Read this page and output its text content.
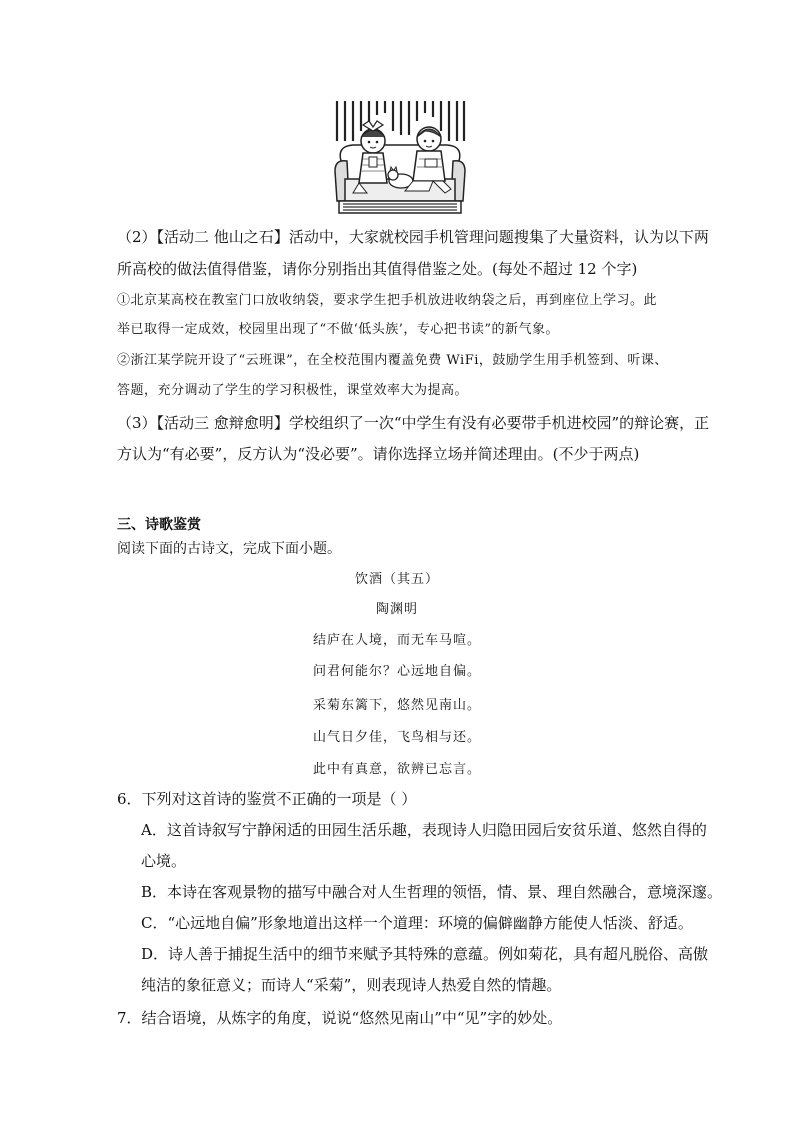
（2）【活动二 他山之石】活动中，大家就校园手机管理问题搜集了大量资料，认为以下两
所高校的做法值得借鉴，请你分别指出其值得借鉴之处。(每处不超过 12 个字)
①北京某高校在教室门口放收纳袋，要求学生把手机放进收纳袋之后，再到座位上学习。此
举已取得一定成效，校园里出现了“不做‘低头族’，专心把书读”的新气象。
②浙江某学院开设了“云班课”，在全校范围内覆盖免费 WiFi，鼓励学生用手机签到、听课、
答题，充分调动了学生的学习积极性，课堂效率大为提高。
（3）【活动三 愈辩愈明】学校组织了一次“中学生有没有必要带手机进校园”的辩论赛，正
方认为“有必要”，反方认为“没必要”。请你选择立场并简述理由。(不少于两点)
三、诗歌鉴赏
阅读下面的古诗文，完成下面小题。
饮酒（其五）
陶渊明
结庐在人境，而无车马喧。
问君何能尔？心远地自偏。
采菊东篱下，悠然见南山。
山气日夕佳，飞鸟相与还。
此中有真意，欲辨已忘言。
6．下列对这首诗的鉴赏不正确的一项是（ ）
A．这首诗叙写宁静闲适的田园生活乐趣，表现诗人归隐田园后安贫乐道、悠然自得的
心境。
B．本诗在客观景物的描写中融合对人生哲理的领悟，情、景、理自然融合，意境深邃。
C．“心远地自偏”形象地道出这样一个道理：环境的偏僻幽静方能使人恬淡、舒适。
D．诗人善于捕捉生活中的细节来赋予其特殊的意蕴。例如菊花，具有超凡脱俗、高傲
纯洁的象征意义；而诗人“采菊”，则表现诗人热爱自然的情趣。
7．结合语境，从炼字的角度，说说“悠然见南山”中“见”字的妙处。
